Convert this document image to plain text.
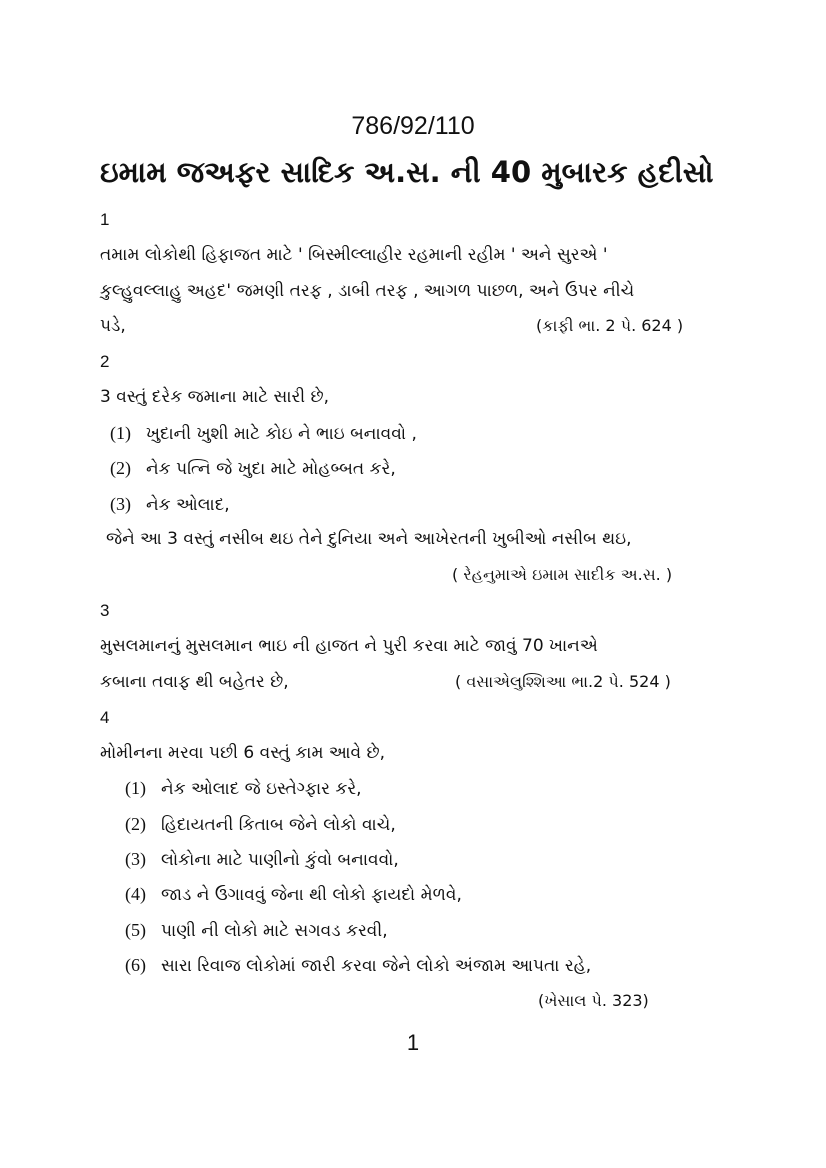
786/92/110
ઇમામ જઅફર સાદિક અ.સ. ની 40 મુબારક હદીસો
1
તમામ લોકોથી હિફાજત માટે ' બિસ્મીલ્લાહીર રહમાની રહીમ ' અને સુરએ '
કુલ્હુવલ્લાહુ અહદ' જમણી તરફ , ડાબી તરફ , આગળ પાછળ, અને ઉપર નીચે
પડે,	(કાફી ભા. 2 પે. 624 )
2
3 વસ્તું દરેક જમાના માટે સારી છે,
(1) ખુદાની ખુશી માટે કોઇ ને ભાઇ બનાવવો ,
(2) નેક પત્નિ જે ખુદા માટે મોહબ્બત કરે,
(3) નેક ઓલાદ,
જેને આ 3 વસ્તું નસીબ થઇ તેને દુનિયા અને આખેરતની ખુબીઓ નસીબ થઇ,
( રેહનુમાએ ઇમામ સાદીક અ.સ. )
3
મુસલમાનનું મુસલમાન ભાઇ ની હાજત ને પુરી કરવા માટે જાવું 70 ખાનએ
કબાના તવાફ થી બહેતર છે,	( વસાએલુશ્શિઆ ભા.2 પે. 524 )
4
મોમીનના મરવા પછી 6 વસ્તું કામ આવે છે,
(1) નેક ઓલાદ જે ઇસ્તેગ્ફાર કરે,
(2) હિદાયતની કિતાબ જેને લોકો વાચે,
(3) લોકોના માટે પાણીનો કુંવો બનાવવો,
(4) જાડ ને ઉગાવવું જેના થી લોકો ફાયદો મેળવે,
(5) પાણી ની લોકો માટે સગવડ કરવી,
(6) સારા રિવાજ લોકોમાં જારી કરવા જેને લોકો અંજામ આપતા રહે,
(ખેસાલ પે. 323)
1
